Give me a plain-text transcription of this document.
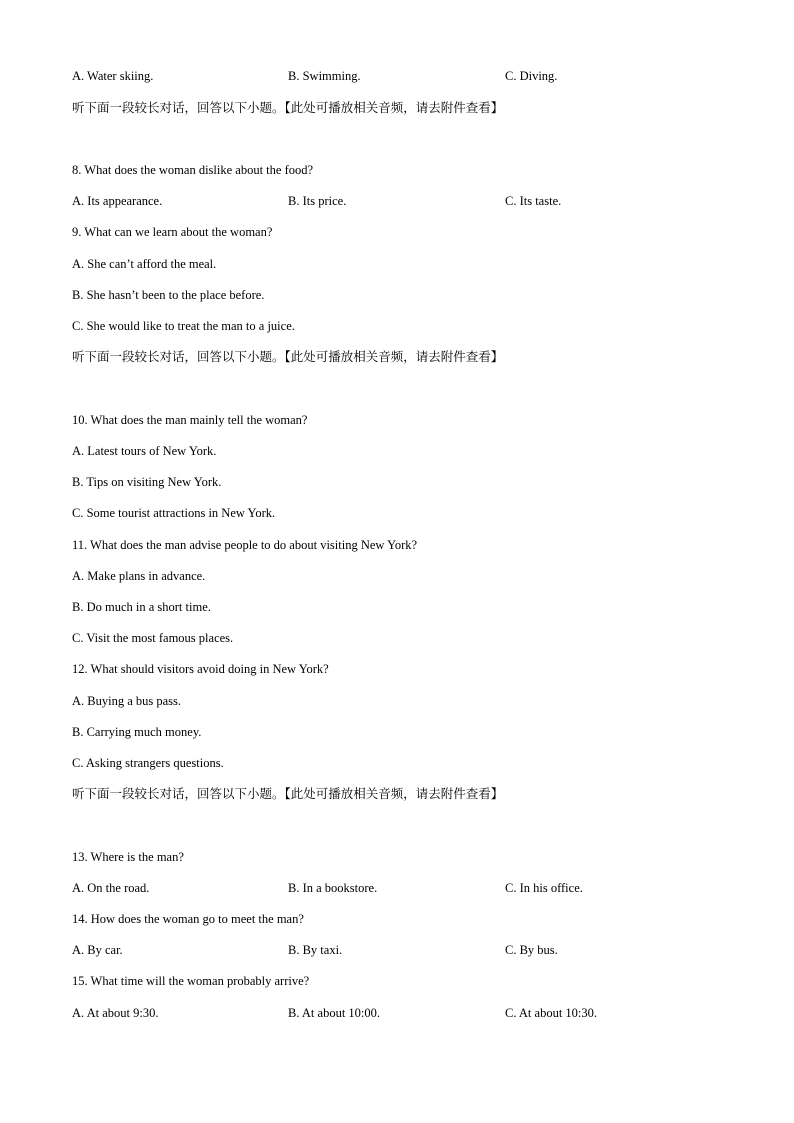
A. Water skiing.	B. Swimming.	C. Diving.
听下面一段较长对话，回答以下小题。【此处可播放相关音频，请去附件查看】
8. What does the woman dislike about the food?
A. Its appearance.	B. Its price.	C. Its taste.
9. What can we learn about the woman?
A. She can’t afford the meal.
B. She hasn’t been to the place before.
C. She would like to treat the man to a juice.
听下面一段较长对话，回答以下小题。【此处可播放相关音频，请去附件查看】
10. What does the man mainly tell the woman?
A. Latest tours of New York.
B. Tips on visiting New York.
C. Some tourist attractions in New York.
11. What does the man advise people to do about visiting New York?
A. Make plans in advance.
B. Do much in a short time.
C. Visit the most famous places.
12. What should visitors avoid doing in New York?
A. Buying a bus pass.
B. Carrying much money.
C. Asking strangers questions.
听下面一段较长对话，回答以下小题。【此处可播放相关音频，请去附件查看】
13. Where is the man?
A. On the road.	B. In a bookstore.	C. In his office.
14. How does the woman go to meet the man?
A. By car.	B. By taxi.	C. By bus.
15. What time will the woman probably arrive?
A. At about 9:30.	B. At about 10:00.	C. At about 10:30.
